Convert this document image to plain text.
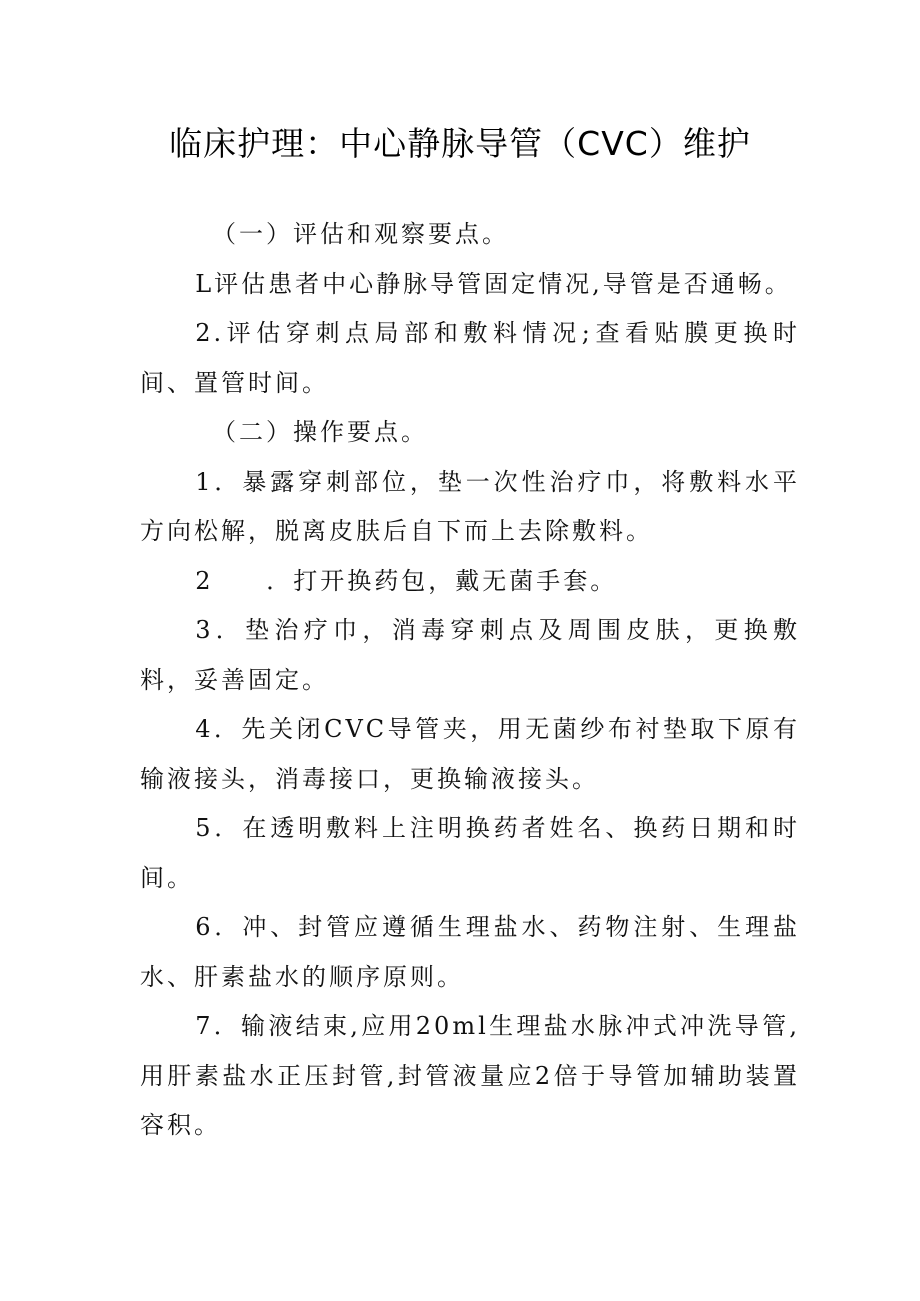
临床护理：中心静脉导管（CVC）维护

（一）评估和观察要点。

L评估患者中心静脉导管固定情况,导管是否通畅。

2.评估穿刺点局部和敷料情况;查看贴膜更换时间、置管时间。

（二）操作要点。

1．暴露穿刺部位，垫一次性治疗巾，将敷料水平方向松解，脱离皮肤后自下而上去除敷料。

2 ．打开换药包，戴无菌手套。

3．垫治疗巾，消毒穿刺点及周围皮肤，更换敷料，妥善固定。

4．先关闭CVC导管夹，用无菌纱布衬垫取下原有输液接头，消毒接口，更换输液接头。

5．在透明敷料上注明换药者姓名、换药日期和时间。

6．冲、封管应遵循生理盐水、药物注射、生理盐水、肝素盐水的顺序原则。

7．输液结束,应用20ml生理盐水脉冲式冲洗导管,用肝素盐水正压封管,封管液量应2倍于导管加辅助装置容积。
